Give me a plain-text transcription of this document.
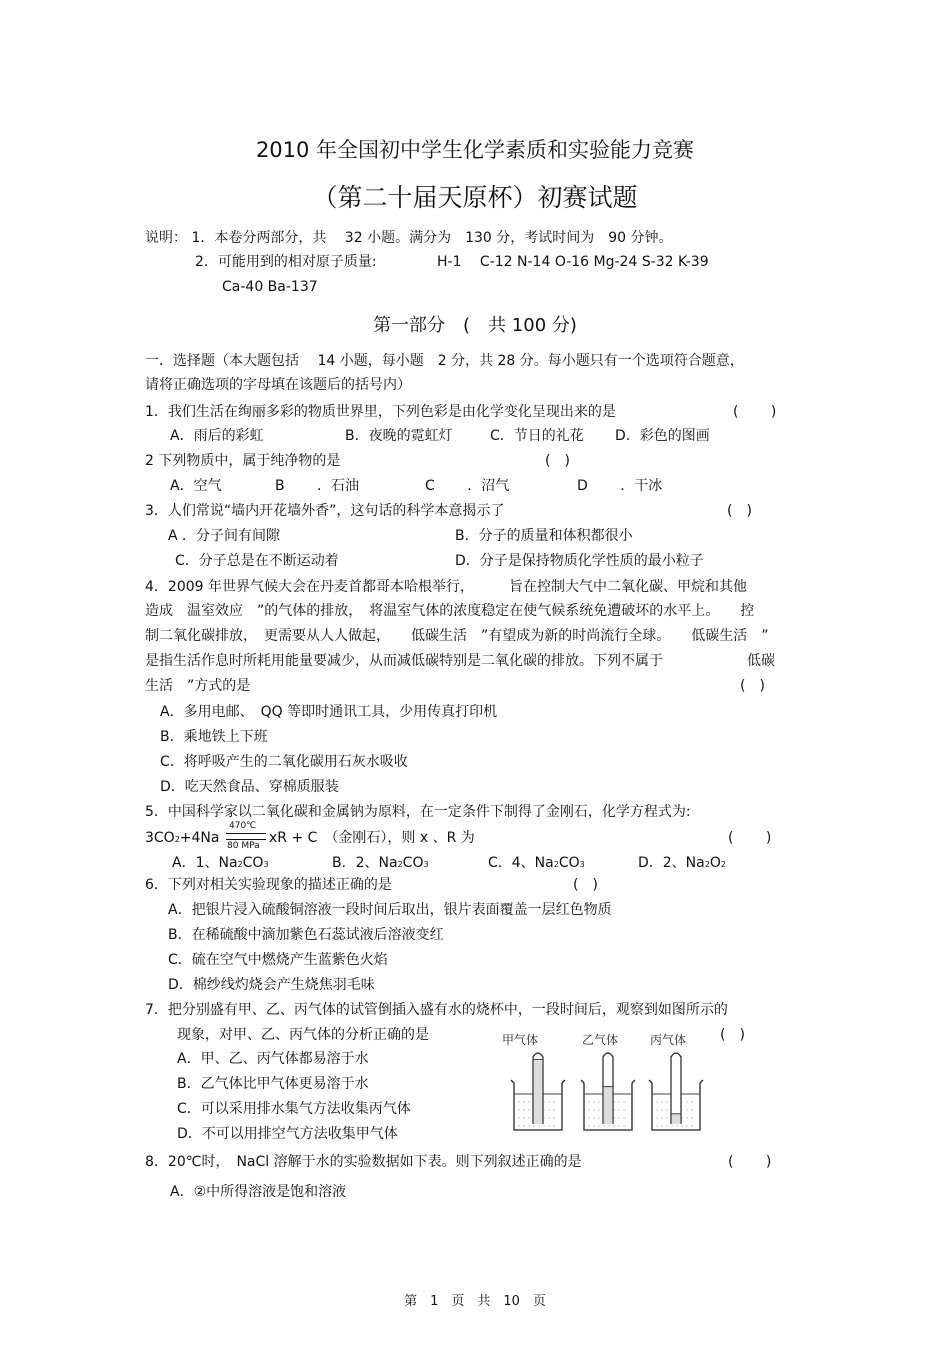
2010 年全国初中学生化学素质和实验能力竞赛
（第二十届天原杯）初赛试题
说明： 1．本卷分两部分，共　 32 小题。满分为　130 分，考试时间为　90 分钟。
2．可能用到的相对原子质量:	H-1　 C-12 N-14 O-16 Mg-24 S-32 K-39
Ca-40 Ba-137
第一部分　(　共 100 分)
一．选择题（本大题包括　 14 小题，每小题　2 分，共 28 分。每小题只有一个选项符合题意，
请将正确选项的字母填在该题后的括号内）
1．我们生活在绚丽多彩的物质世界里，下列色彩是由化学变化呈现出来的是	(　　 )
A．雨后的彩虹	B．夜晚的霓虹灯	C．节日的礼花 D．彩色的图画
2 下列物质中，属于纯净物的是	(　)
A．空气	B　　 ．石油	C　　 ．沼气	D　　 ．干冰
3．人们常说“墙内开花墙外香”，这句话的科学本意揭示了	(　)
A ．分子间有间隙	B．分子的质量和体积都很小
C．分子总是在不断运动着	D．分子是保持物质化学性质的最小粒子
4．2009 年世界气候大会在丹麦首都哥本哈根举行，　　　旨在控制大气中二氧化碳、甲烷和其他
造成　温室效应　”的气体的排放，　将温室气体的浓度稳定在使气候系统免遭破坏的水平上。　　控
制二氧化碳排放，　更需要从人人做起，　　低碳生活　”有望成为新的时尚流行全球。　　低碳生活　”
是指生活作息时所耗用能量要减少，从而减低碳特别是二氧化碳的排放。下列不属于　　　　　　低碳
生活　”方式的是	(　)
A．多用电邮、　QQ 等即时通讯工具，少用传真打印机
B．乘地铁上下班
C．将呼吸产生的二氧化碳用石灰水吸收
D．吃天然食品、穿棉质服装
5．中国科学家以二氧化碳和金属钠为原料，在一定条件下制得了金刚石，化学方程式为:
3CO2+4Na
470℃
80 MPa xR + C　（金刚石），则 x 、R 为	(　　 )
A．1、Na2CO3	B．2、Na2CO3	C．4、Na2CO3	D．2、Na2O2
6．下列对相关实验现象的描述正确的是	(　)
A．把银片浸入硫酸铜溶液一段时间后取出，银片表面覆盖一层红色物质
B．在稀硫酸中滴加紫色石蕊试液后溶液变红
C．硫在空气中燃烧产生蓝紫色火焰
D．棉纱线灼烧会产生烧焦羽毛味
7．把分别盛有甲、乙、丙气体的试管倒插入盛有水的烧杯中，一段时间后，观察到如图所示的
现象，对甲、乙、丙气体的分析正确的是	(　)
A．甲、乙、丙气体都易溶于水
B．乙气体比甲气体更易溶于水
C．可以采用排水集气方法收集丙气体
D．不可以用排空气方法收集甲气体
甲气体	乙气体	丙气体
8．20℃时，　NaCl 溶解于水的实验数据如下表。则下列叙述正确的是	(　　 )
A．②中所得溶液是饱和溶液
第　1　页　共　10　页
